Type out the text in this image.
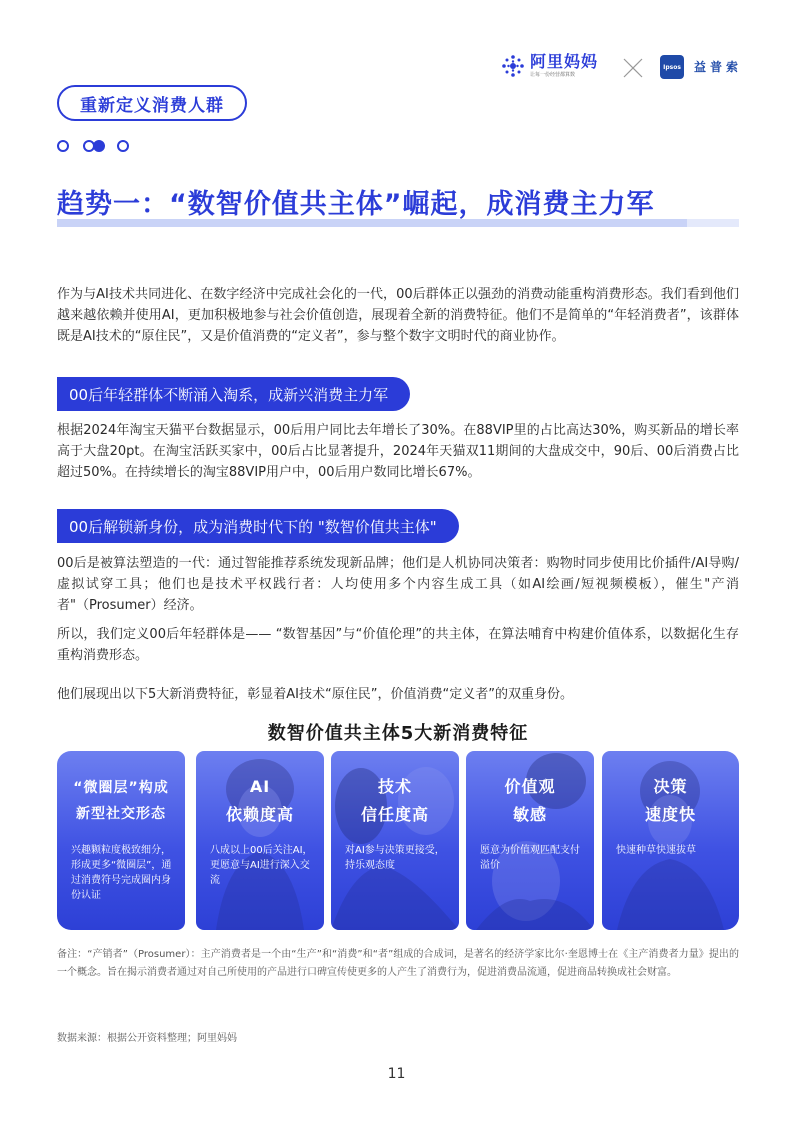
阿里妈妈
让每一份经营都算数
Ipsos 益普索
重新定义消费人群
趋势一：“数智价值共主体”崛起，成消费主力军
作为与AI技术共同进化、在数字经济中完成社会化的一代，00后群体正以强劲的消费动能重构消费形态。我们看到他们越来越依赖并使用AI，更加积极地参与社会价值创造，展现着全新的消费特征。他们不是简单的“年轻消费者”，该群体既是AI技术的“原住民”，又是价值消费的“定义者”，参与整个数字文明时代的商业协作。
00后年轻群体不断涌入淘系，成新兴消费主力军
根据2024年淘宝天猫平台数据显示，00后用户同比去年增长了30%。在88VIP里的占比高达30%，购买新品的增长率高于大盘20pt。在淘宝活跃买家中，00后占比显著提升，2024年天猫双11期间的大盘成交中，90后、00后消费占比超过50%。在持续增长的淘宝88VIP用户中，00后用户数同比增长67%。
00后解锁新身份，成为消费时代下的 "数智价值共主体"
00后是被算法塑造的一代：通过智能推荐系统发现新品牌；他们是人机协同决策者：购物时同步使用比价插件/AI导购/虚拟试穿工具；他们也是技术平权践行者：人均使用多个内容生成工具（如AI绘画/短视频模板），催生"产消者"（Prosumer）经济。
所以，我们定义00后年轻群体是—— “数智基因”与“价值伦理”的共主体，在算法哺育中构建价值体系，以数据化生存重构消费形态。
他们展现出以下5大新消费特征，彰显着AI技术“原住民”，价值消费“定义者”的双重身份。
数智价值共主体5大新消费特征
“微圈层”构成
新型社交形态
兴趣颗粒度极致细分，形成更多“微圈层”，通过消费符号完成圈内身份认证
AI
依赖度高
八成以上00后关注AI，更愿意与AI进行深入交流
技术
信任度高
对AI参与决策更接受，持乐观态度
价值观
敏感
愿意为价值观匹配支付溢价
决策
速度快
快速种草快速拔草
备注：“产销者”（Prosumer）：主产消费者是一个由“生产”和“消费”和“者”组成的合成词，是著名的经济学家比尔·奎恩博士在《主产消费者力量》提出的一个概念。旨在揭示消费者通过对自己所使用的产品进行口碑宣传使更多的人产生了消费行为，促进消费品流通，促进商品转换成社会财富。
数据来源：根据公开资料整理；阿里妈妈
11
